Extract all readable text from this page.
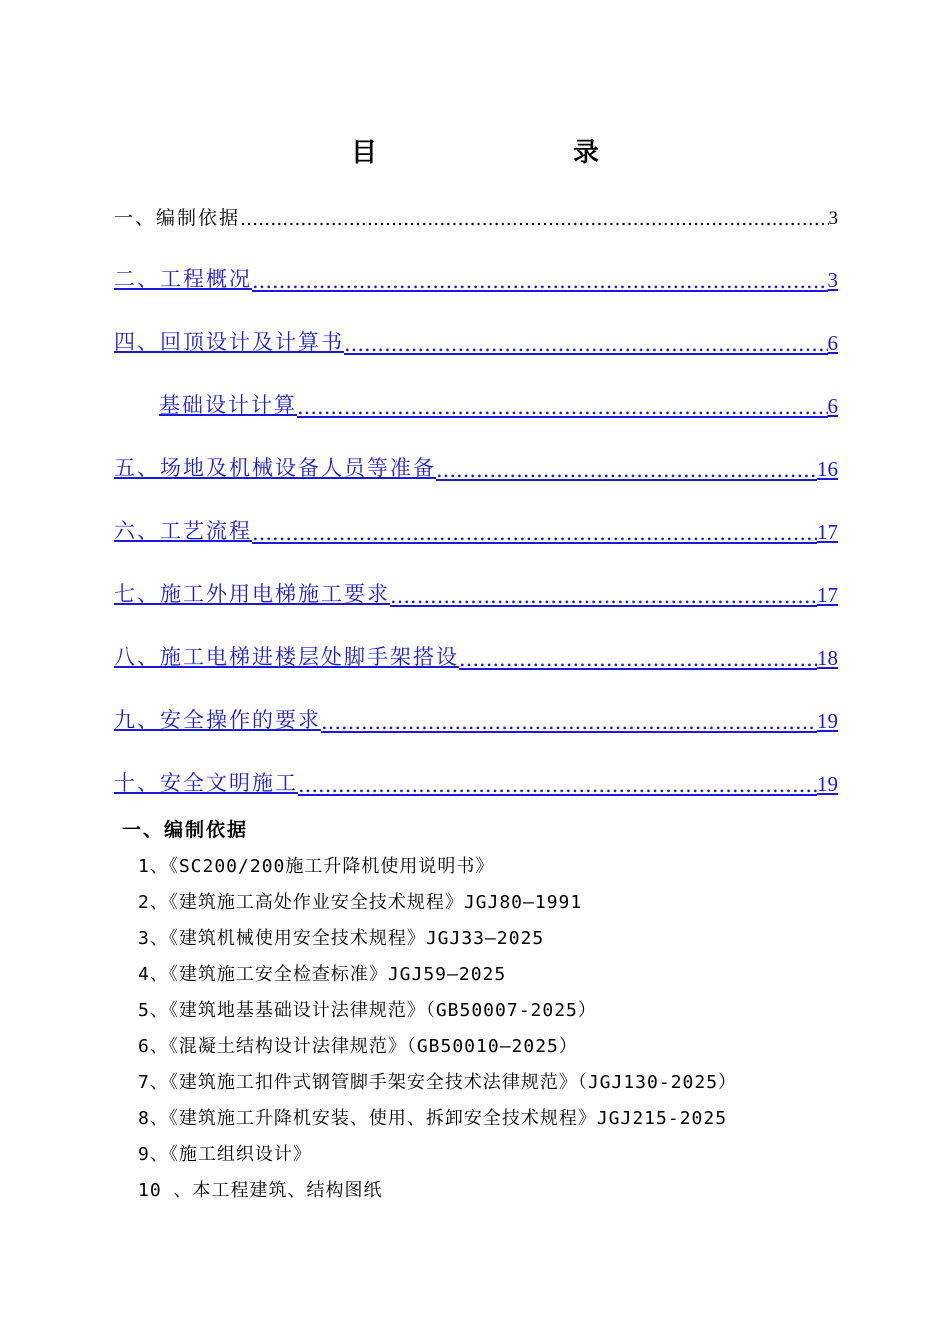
目　　录
一、编制依据 .....	3
二、工程概况 .....	3
四、回顶设计及计算书 .....	6
基础设计计算 .....	6
五、场地及机械设备人员等准备 .....	16
六、工艺流程 .....	17
七、施工外用电梯施工要求 .....	17
八、施工电梯进楼层处脚手架搭设 .....	18
九、安全操作的要求 .....	19
十、安全文明施工 .....	19
一、编制依据
1、《SC200/200施工升降机使用说明书》
2、《建筑施工高处作业安全技术规程》JGJ80—1991
3、《建筑机械使用安全技术规程》JGJ33—2025
4、《建筑施工安全检查标准》JGJ59—2025
5、《建筑地基基础设计法律规范》（GB50007-2025）
6、《混凝土结构设计法律规范》（GB50010—2025）
7、《建筑施工扣件式钢管脚手架安全技术法律规范》（JGJ130-2025）
8、《建筑施工升降机安装、使用、拆卸安全技术规程》JGJ215-2025
9、《施工组织设计》
10 、本工程建筑、结构图纸
